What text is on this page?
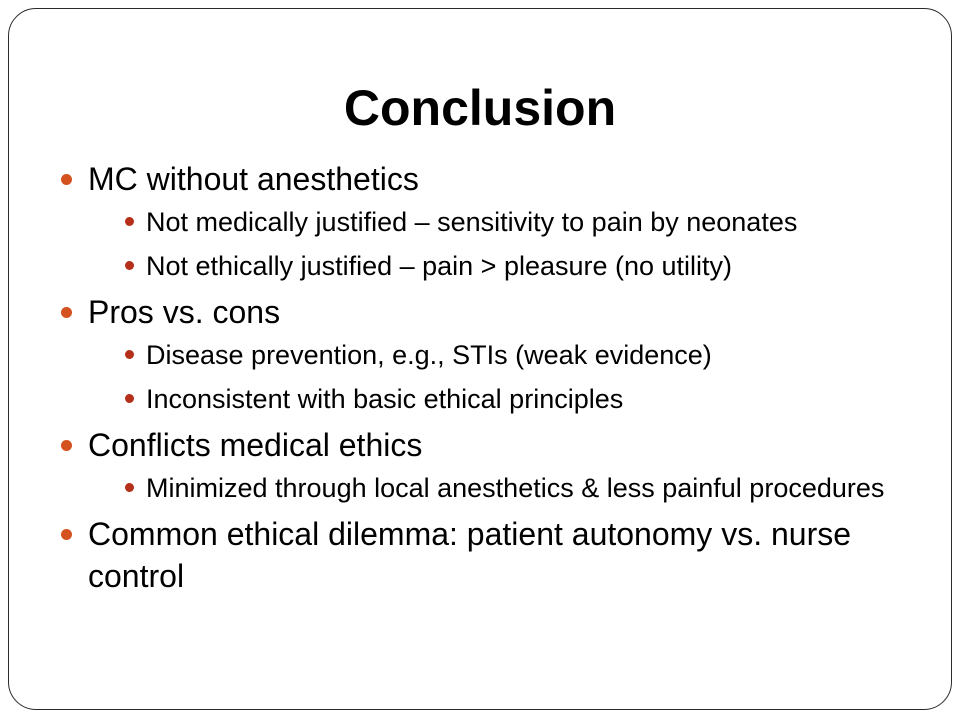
Conclusion
MC without anesthetics
Not medically justified – sensitivity to pain by neonates
Not ethically justified – pain > pleasure (no utility)
Pros vs. cons
Disease prevention, e.g., STIs (weak evidence)
Inconsistent with basic ethical principles
Conflicts medical ethics
Minimized through local anesthetics & less painful procedures
Common ethical dilemma: patient autonomy vs. nurse control
